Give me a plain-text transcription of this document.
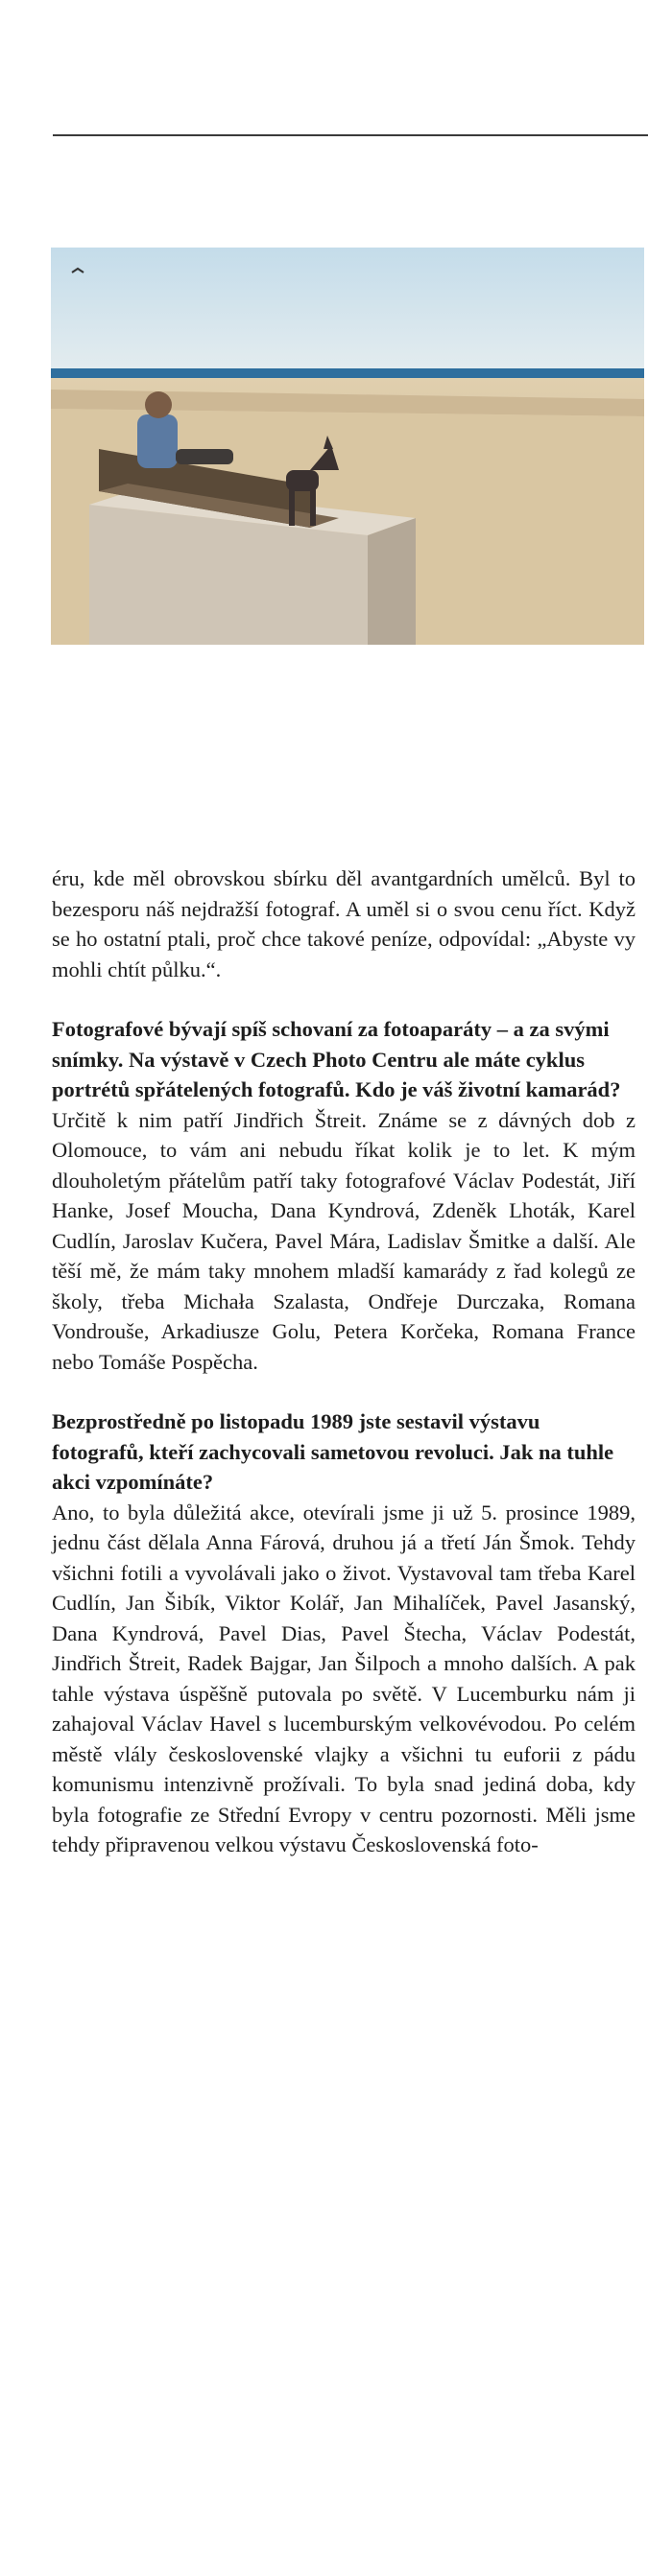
éru, kde měl obrovskou sbírku děl avantgardních umělců. Byl to bezesporu náš nejdražší fotograf. A uměl si o svou cenu říct. Když se ho ostatní ptali, proč chce takové peníze, odpovídal: „Abyste vy mohli chtít půlku.“.

Fotografové bývají spíš schovaní za fotoaparáty – a za svými snímky. Na výstavě v Czech Photo Centru ale máte cyklus portrétů spřátelených fotografů. Kdo je váš životní kamarád?

Určitě k nim patří Jindřich Štreit. Známe se z dávných dob z Olomouce, to vám ani nebudu říkat kolik je to let. K mým dlouholetým přátelům patří taky fotografové Václav Podestát, Jiří Hanke, Josef Moucha, Dana Kyndrová, Zdeněk Lhoták, Karel Cudlín, Jaroslav Kučera, Pavel Mára, Ladislav Šmitke a další. Ale těší mě, že mám taky mnohem mladší kamarády z řad kolegů ze školy, třeba Michała Szalasta, Ondřeje Durczaka, Romana Vondrouše, Arkadiusze Golu, Petera Korčeka, Romana France nebo Tomáše Pospěcha.

Bezprostředně po listopadu 1989 jste sestavil výstavu fotografů, kteří zachycovali sametovou revoluci. Jak na tuhle akci vzpomínáte?

Ano, to byla důležitá akce, otevírali jsme ji už 5. prosince 1989, jednu část dělala Anna Fárová, druhou já a třetí Ján Šmok. Tehdy všichni fotili a vyvolávali jako o život. Vystavoval tam třeba Karel Cudlín, Jan Šibík, Viktor Kolář, Jan Mihalíček, Pavel Jasanský, Dana Kyndrová, Pavel Dias, Pavel Štecha, Václav Podestát, Jindřich Štreit, Radek Bajgar, Jan Šilpoch a mnoho dalších. A pak tahle výstava úspěšně putovala po světě. V Lucemburku nám ji zahajoval Václav Havel s lucemburským velkovévodou. Po celém městě vlály československé vlajky a všichni tu euforii z pádu komunismu intenzivně prožívali. To byla snad jediná doba, kdy byla fotografie ze Střední Evropy v centru pozornosti. Měli jsme tehdy připravenou velkou výstavu Československá foto-
